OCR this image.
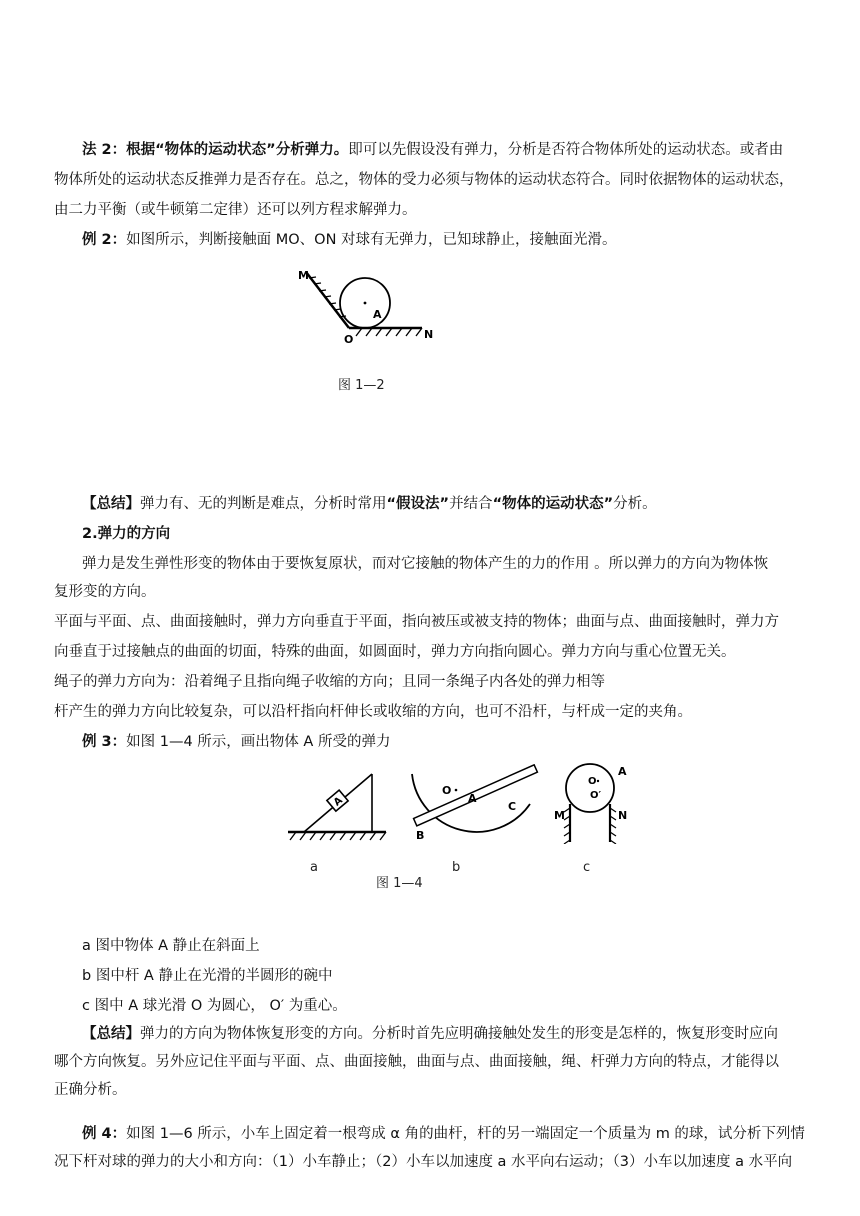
法 2：根据“物体的运动状态”分析弹力。即可以先假设没有弹力，分析是否符合物体所处的运动状态。或者由
物体所处的运动状态反推弹力是否存在。总之，物体的受力必须与物体的运动状态符合。同时依据物体的运动状态，
由二力平衡（或牛顿第二定律）还可以列方程求解弹力。
例 2：如图所示，判断接触面 MO、ON 对球有无弹力，已知球静止，接触面光滑。
M
A
O	N
图 1—2
【总结】弹力有、无的判断是难点，分析时常用“假设法”并结合“物体的运动状态”分析。
2.弹力的方向
弹力是发生弹性形变的物体由于要恢复原状，而对它接触的物体产生的力的作用 。所以弹力的方向为物体恢
复形变的方向。
平面与平面、点、曲面接触时，弹力方向垂直于平面，指向被压或被支持的物体；曲面与点、曲面接触时，弹力方
向垂直于过接触点的曲面的切面，特殊的曲面，如圆面时，弹力方向指向圆心。弹力方向与重心位置无关。
绳子的弹力方向为：沿着绳子且指向绳子收缩的方向；且同一条绳子内各处的弹力相等
杆产生的弹力方向比较复杂，可以沿杆指向杆伸长或收缩的方向，也可不沿杆，与杆成一定的夹角。
例 3：如图 1—4 所示，画出物体 A 所受的弹力
A
O
A
C
B
A
O
O′
M	N
a	b	c
图 1—4
a 图中物体 A 静止在斜面上
b 图中杆 A 静止在光滑的半圆形的碗中
c 图中 A 球光滑 O 为圆心， O′ 为重心。
【总结】弹力的方向为物体恢复形变的方向。分析时首先应明确接触处发生的形变是怎样的，恢复形变时应向
哪个方向恢复。另外应记住平面与平面、点、曲面接触，曲面与点、曲面接触，绳、杆弹力方向的特点，才能得以
正确分析。
例 4：如图 1—6 所示，小车上固定着一根弯成 α 角的曲杆，杆的另一端固定一个质量为 m 的球，试分析下列情
况下杆对球的弹力的大小和方向：（1）小车静止；（2）小车以加速度 a 水平向右运动；（3）小车以加速度 a 水平向
